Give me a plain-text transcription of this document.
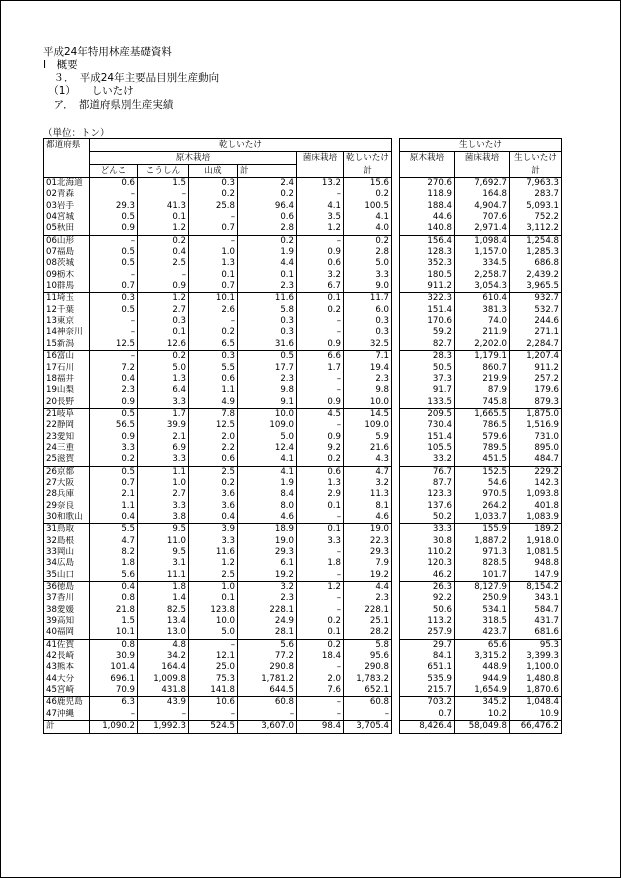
平成24年特用林産基礎資料
Ⅰ　概要
　３．　平成24年主要品目別生産動向
　（1）　　しいたけ
　ア．　都道府県別生産実績
（単位：トン）
都道府県	乾しいたけ							生しいたけ		
	原木栽培				菌床栽培	乾しいたけ		原木栽培	菌床栽培	生しいたけ
	どんこ	こうしん	山成	計		計				計
01北海道	0.6	1.5	0.3	2.4	13.2	15.6		270.6	7,692.7	7,963.3
02青森	–	–	0.2	0.2	–	0.2		118.9	164.8	283.7
03岩手	29.3	41.3	25.8	96.4	4.1	100.5		188.4	4,904.7	5,093.1
04宮城	0.5	0.1	–	0.6	3.5	4.1		44.6	707.6	752.2
05秋田	0.9	1.2	0.7	2.8	1.2	4.0		140.8	2,971.4	3,112.2
06山形	–	0.2	–	0.2	–	0.2		156.4	1,098.4	1,254.8
07福島	0.5	0.4	1.0	1.9	0.9	2.8		128.3	1,157.0	1,285.3
08茨城	0.5	2.5	1.3	4.4	0.6	5.0		352.3	334.5	686.8
09栃木	–	–	0.1	0.1	3.2	3.3		180.5	2,258.7	2,439.2
10群馬	0.7	0.9	0.7	2.3	6.7	9.0		911.2	3,054.3	3,965.5
11埼玉	0.3	1.2	10.1	11.6	0.1	11.7		322.3	610.4	932.7
12千葉	0.5	2.7	2.6	5.8	0.2	6.0		151.4	381.3	532.7
13東京	–	0.3	–	0.3	–	0.3		170.6	74.0	244.6
14神奈川	–	0.1	0.2	0.3	–	0.3		59.2	211.9	271.1
15新潟	12.5	12.6	6.5	31.6	0.9	32.5		82.7	2,202.0	2,284.7
16富山	–	0.2	0.3	0.5	6.6	7.1		28.3	1,179.1	1,207.4
17石川	7.2	5.0	5.5	17.7	1.7	19.4		50.5	860.7	911.2
18福井	0.4	1.3	0.6	2.3	–	2.3		37.3	219.9	257.2
19山梨	2.3	6.4	1.1	9.8	–	9.8		91.7	87.9	179.6
20長野	0.9	3.3	4.9	9.1	0.9	10.0		133.5	745.8	879.3
21岐阜	0.5	1.7	7.8	10.0	4.5	14.5		209.5	1,665.5	1,875.0
22静岡	56.5	39.9	12.5	109.0	–	109.0		730.4	786.5	1,516.9
23愛知	0.9	2.1	2.0	5.0	0.9	5.9		151.4	579.6	731.0
24三重	3.3	6.9	2.2	12.4	9.2	21.6		105.5	789.5	895.0
25滋賀	0.2	3.3	0.6	4.1	0.2	4.3		33.2	451.5	484.7
26京都	0.5	1.1	2.5	4.1	0.6	4.7		76.7	152.5	229.2
27大阪	0.7	1.0	0.2	1.9	1.3	3.2		87.7	54.6	142.3
28兵庫	2.1	2.7	3.6	8.4	2.9	11.3		123.3	970.5	1,093.8
29奈良	1.1	3.3	3.6	8.0	0.1	8.1		137.6	264.2	401.8
30和歌山	0.4	3.8	0.4	4.6	–	4.6		50.2	1,033.7	1,083.9
31鳥取	5.5	9.5	3.9	18.9	0.1	19.0		33.3	155.9	189.2
32島根	4.7	11.0	3.3	19.0	3.3	22.3		30.8	1,887.2	1,918.0
33岡山	8.2	9.5	11.6	29.3	–	29.3		110.2	971.3	1,081.5
34広島	1.8	3.1	1.2	6.1	1.8	7.9		120.3	828.5	948.8
35山口	5.6	11.1	2.5	19.2	–	19.2		46.2	101.7	147.9
36徳島	0.4	1.8	1.0	3.2	1.2	4.4		26.3	8,127.9	8,154.2
37香川	0.8	1.4	0.1	2.3	–	2.3		92.2	250.9	343.1
38愛媛	21.8	82.5	123.8	228.1	–	228.1		50.6	534.1	584.7
39高知	1.5	13.4	10.0	24.9	0.2	25.1		113.2	318.5	431.7
40福岡	10.1	13.0	5.0	28.1	0.1	28.2		257.9	423.7	681.6
41佐賀	0.8	4.8	–	5.6	0.2	5.8		29.7	65.6	95.3
42長崎	30.9	34.2	12.1	77.2	18.4	95.6		84.1	3,315.2	3,399.3
43熊本	101.4	164.4	25.0	290.8	–	290.8		651.1	448.9	1,100.0
44大分	696.1	1,009.8	75.3	1,781.2	2.0	1,783.2		535.9	944.9	1,480.8
45宮崎	70.9	431.8	141.8	644.5	7.6	652.1		215.7	1,654.9	1,870.6
46鹿児島	6.3	43.9	10.6	60.8	–	60.8		703.2	345.2	1,048.4
47沖縄	–	–	–	–	–	–		0.7	10.2	10.9
計	1,090.2	1,992.3	524.5	3,607.0	98.4	3,705.4		8,426.4	58,049.8	66,476.2
